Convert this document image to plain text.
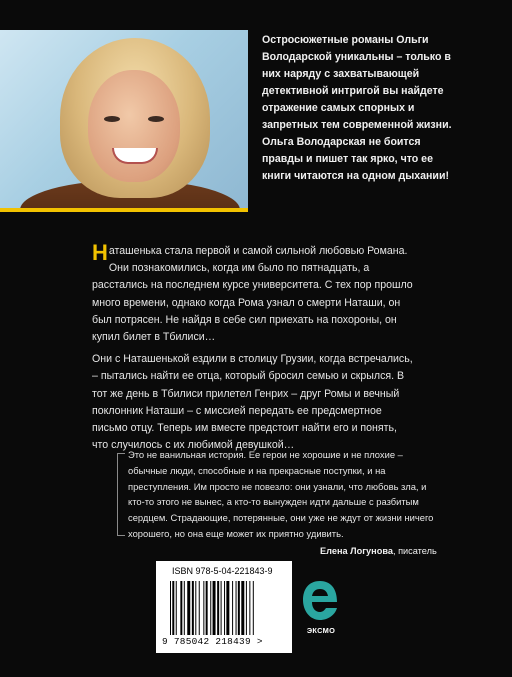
Остросюжетные романы Ольги Володарской уникальны – только в них наряду с захватывающей детективной интригой вы найдете отражение самых спорных и запретных тем современной жизни. Ольга Володарская не боится правды и пишет так ярко, что ее книги читаются на одном дыхании!

Наташенька стала первой и самой сильной любовью Романа. Они познакомились, когда им было по пятнадцать, а расстались на последнем курсе университета. С тех пор прошло много времени, однако когда Рома узнал о смерти Наташи, он был потрясен. Не найдя в себе сил приехать на похороны, он купил билет в Тбилиси…

Они с Наташенькой ездили в столицу Грузии, когда встречались, – пытались найти ее отца, который бросил семью и скрылся. В тот же день в Тбилиси прилетел Генрих – друг Ромы и вечный поклонник Наташи – с миссией передать ее предсмертное письмо отцу. Теперь им вместе предстоит найти его и понять, что случилось с их любимой девушкой…

Это не ванильная история. Ее герои не хорошие и не плохие – обычные люди, способные и на прекрасные поступки, и на преступления. Им просто не повезло: они узнали, что любовь зла, и кто-то этого не вынес, а кто-то вынужден идти дальше с разбитым сердцем. Страдающие, потерянные, они уже не ждут от жизни ничего хорошего, но она еще может их приятно удивить.
Елена Логунова, писатель
ISBN 978-5-04-221843-9
9 785042 218439 >
ЭКСМО
